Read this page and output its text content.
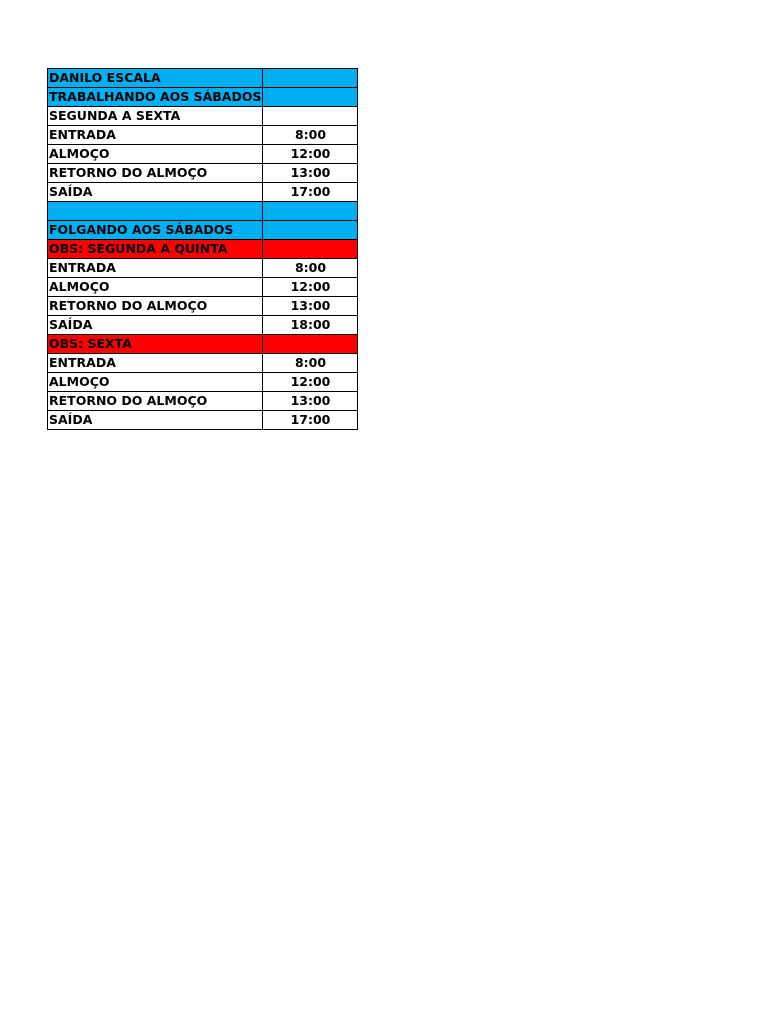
DANILO ESCALA	
TRABALHANDO AOS SÁBADOS	
SEGUNDA A SEXTA	
ENTRADA	8:00
ALMOÇO	12:00
RETORNO DO ALMOÇO	13:00
SAÍDA	17:00

FOLGANDO AOS SÁBADOS	
OBS: SEGUNDA A QUINTA	
ENTRADA	8:00
ALMOÇO	12:00
RETORNO DO ALMOÇO	13:00
SAÍDA	18:00
OBS: SEXTA	
ENTRADA	8:00
ALMOÇO	12:00
RETORNO DO ALMOÇO	13:00
SAÍDA	17:00
